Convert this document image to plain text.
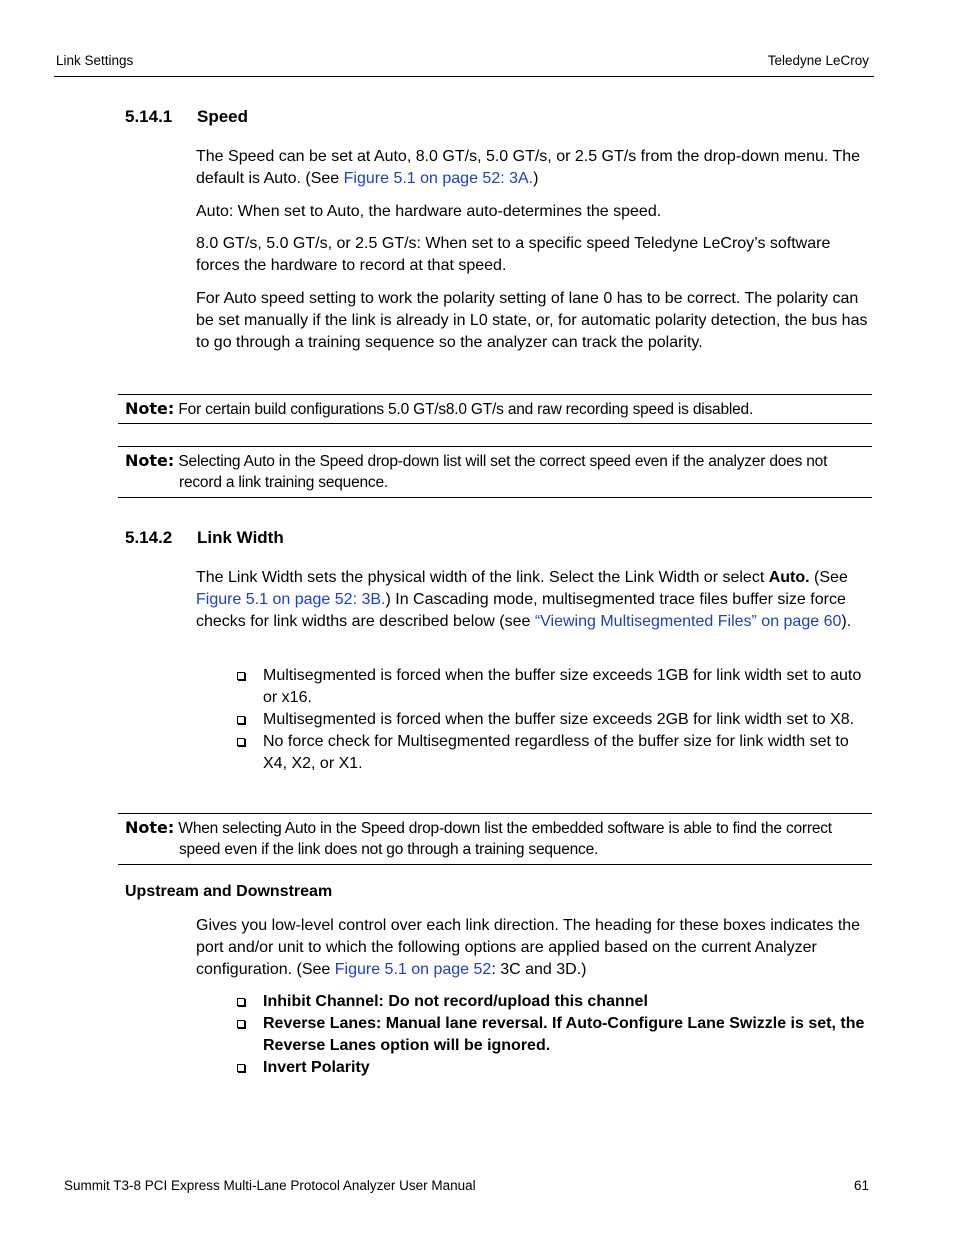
Link Settings	Teledyne LeCroy
5.14.1 Speed

The Speed can be set at Auto, 8.0 GT/s, 5.0 GT/s, or 2.5 GT/s from the drop-down menu. The default is Auto. (See Figure 5.1 on page 52: 3A.)

Auto: When set to Auto, the hardware auto-determines the speed.

8.0 GT/s, 5.0 GT/s, or 2.5 GT/s: When set to a specific speed Teledyne LeCroy’s software forces the hardware to record at that speed.

For Auto speed setting to work the polarity setting of lane 0 has to be correct. The polarity can be set manually if the link is already in L0 state, or, for automatic polarity detection, the bus has to go through a training sequence so the analyzer can track the polarity.

Note: For certain build configurations 5.0 GT/s8.0 GT/s and raw recording speed is disabled.
Note: Selecting Auto in the Speed drop-down list will set the correct speed even if the analyzer does not record a link training sequence.
5.14.2 Link Width

The Link Width sets the physical width of the link. Select the Link Width or select Auto. (See Figure 5.1 on page 52: 3B.) In Cascading mode, multisegmented trace files buffer size force checks for link widths are described below (see “Viewing Multisegmented Files” on page 60).

Multisegmented is forced when the buffer size exceeds 1GB for link width set to auto or x16.
Multisegmented is forced when the buffer size exceeds 2GB for link width set to X8.
No force check for Multisegmented regardless of the buffer size for link width set to X4, X2, or X1.
Note: When selecting Auto in the Speed drop-down list the embedded software is able to find the correct speed even if the link does not go through a training sequence.
Upstream and Downstream

Gives you low-level control over each link direction. The heading for these boxes indicates the port and/or unit to which the following options are applied based on the current Analyzer configuration. (See Figure 5.1 on page 52: 3C and 3D.)

Inhibit Channel: Do not record/upload this channel
Reverse Lanes: Manual lane reversal. If Auto-Configure Lane Swizzle is set, the Reverse Lanes option will be ignored.
Invert Polarity
Summit T3-8 PCI Express Multi-Lane Protocol Analyzer User Manual	61
